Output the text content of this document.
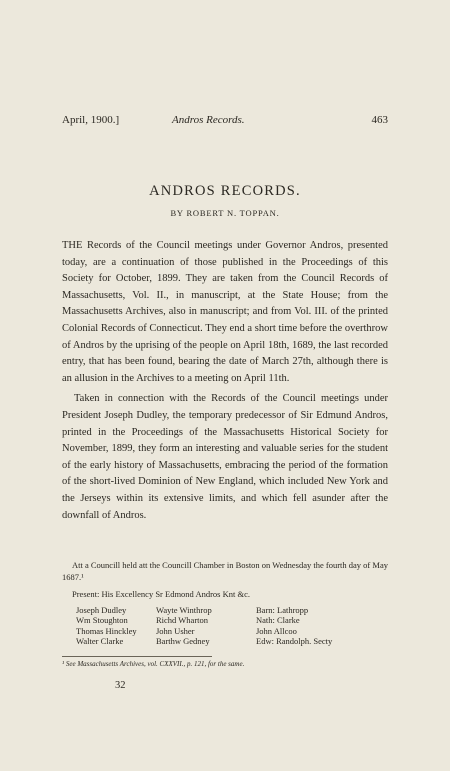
April, 1900.]	Andros Records.	463
ANDROS RECORDS.
BY ROBERT N. TOPPAN.

THE Records of the Council meetings under Governor Andros, presented today, are a continuation of those published in the Proceedings of this Society for October, 1899. They are taken from the Council Records of Massachusetts, Vol. II., in manuscript, at the State House; from the Massachusetts Archives, also in manuscript; and from Vol. III. of the printed Colonial Records of Connecticut. They end a short time before the overthrow of Andros by the uprising of the people on April 18th, 1689, the last recorded entry, that has been found, bearing the date of March 27th, although there is an allusion in the Archives to a meeting on April 11th.

Taken in connection with the Records of the Council meetings under President Joseph Dudley, the temporary predecessor of Sir Edmund Andros, printed in the Proceedings of the Massachusetts Historical Society for November, 1899, they form an interesting and valuable series for the student of the early history of Massachusetts, embracing the period of the formation of the short-lived Dominion of New England, which included New York and the Jerseys within its extensive limits, and which fell asunder after the downfall of Andros.

Att a Councill held att the Councill Chamber in Boston on Wednesday the fourth day of May 1687.¹
Present: His Excellency Sr Edmond Andros Knt &c.
Joseph Dudley
Wm Stoughton
Thomas Hinckley
Walter Clarke
Wayte Winthrop
Richd Wharton
John Usher
Barthw Gedney
Barn: Lathropp
Nath: Clarke
John Allcoo
Edw: Randolph. Secty
¹ See Massachusetts Archives, vol. CXXVII., p. 121, for the same.
32
